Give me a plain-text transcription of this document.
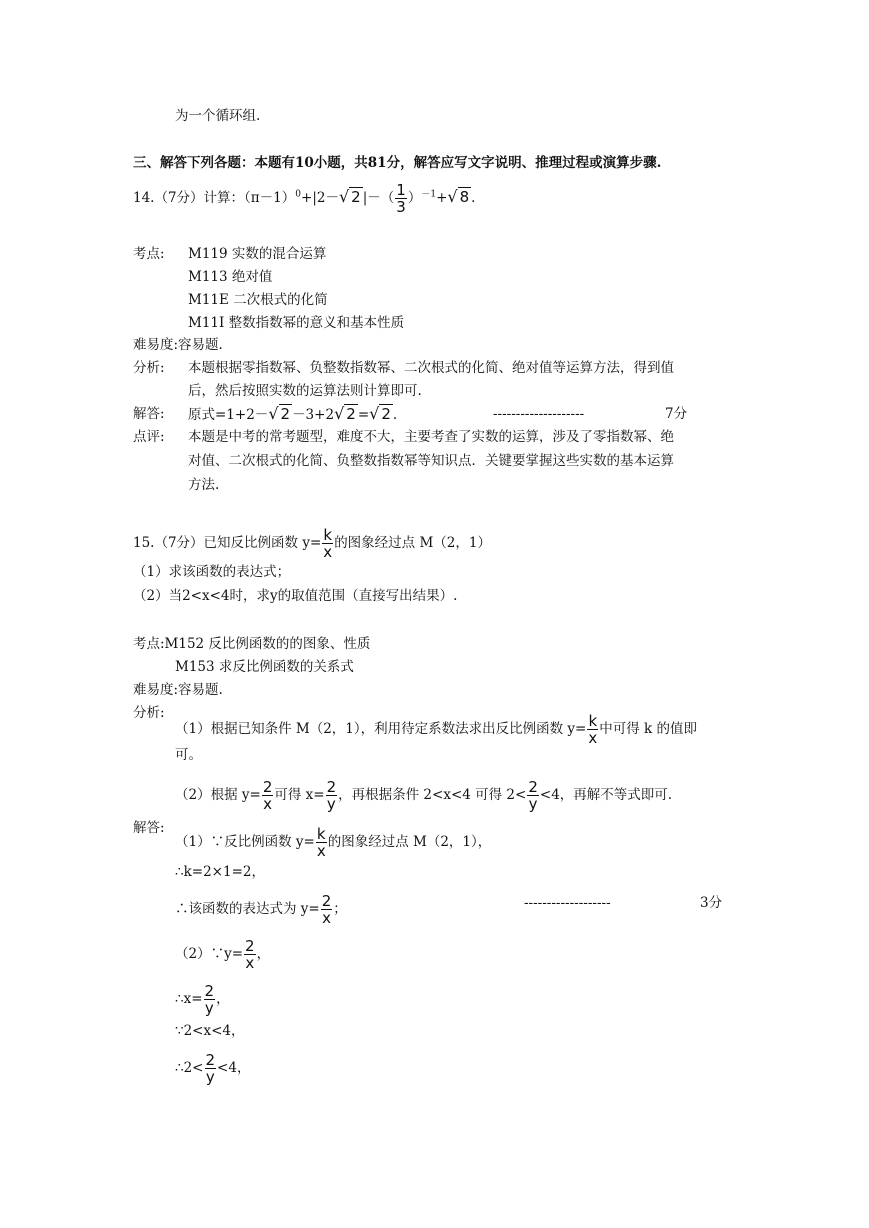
为一个循环组.
三、解答下列各题：本题有10小题，共81分，解答应写文字说明、推理过程或演算步骤.
14.（7分）计算：$(\pi-1)^0+|2-√$ 2 |－（ $\frac{1}{3} )^{-1}+√$ 8 .
考点: M119 实数的混合运算
M113 绝对值
M11E 二次根式的化简
M11I 整数指数幂的意义和基本性质
难易度:容易题.
分析: 本题根据零指数幂、负整数指数幂、二次根式的化简、绝对值等运算方法，得到值
后，然后按照实数的运算法则计算即可.
解答: 原式=1+2－√ 2 －3+2√ 2 =√ 2 .	--------------------	7分
点评: 本题是中考的常考题型，难度不大，主要考查了实数的运算，涉及了零指数幂、绝
对值、二次根式的化简、负整数指数幂等知识点．关键要掌握这些实数的基本运算
方法.
15.（7分）已知反比例函数 $y= \frac{k}{x}$ 的图象经过点 M（2，1）
（1）求该函数的表达式；
（2）当2<x<4时，求y的取值范围（直接写出结果）.
考点:M152 反比例函数的的图象、性质
M153 求反比例函数的关系式
难易度:容易题.
分析:
（1）根据已知条件 M（2，1），利用待定系数法求出反比例函数 $y= \frac{k}{x}$ 中可得 k 的值即
可。
（2）根据 $y= \frac{2}{x}$ 可得 $x= \frac{2}{y}$ ，再根据条件 2<x<4 可得 $2< \frac{2}{y} <4$，再解不等式即可.
解答:
（1）∵反比例函数 $y= \frac{k}{x}$ 的图象经过点 M（2，1），
∴k=2×1=2，
∴该函数的表达式为 $y= \frac{2}{x}$ ；	-------------------	3分
（2）∵y= $\frac{2}{x}$ ，
∴x= $\frac{2}{y}$ ，
∵2<x<4，
∴2< $\frac{2}{y} <4$，
